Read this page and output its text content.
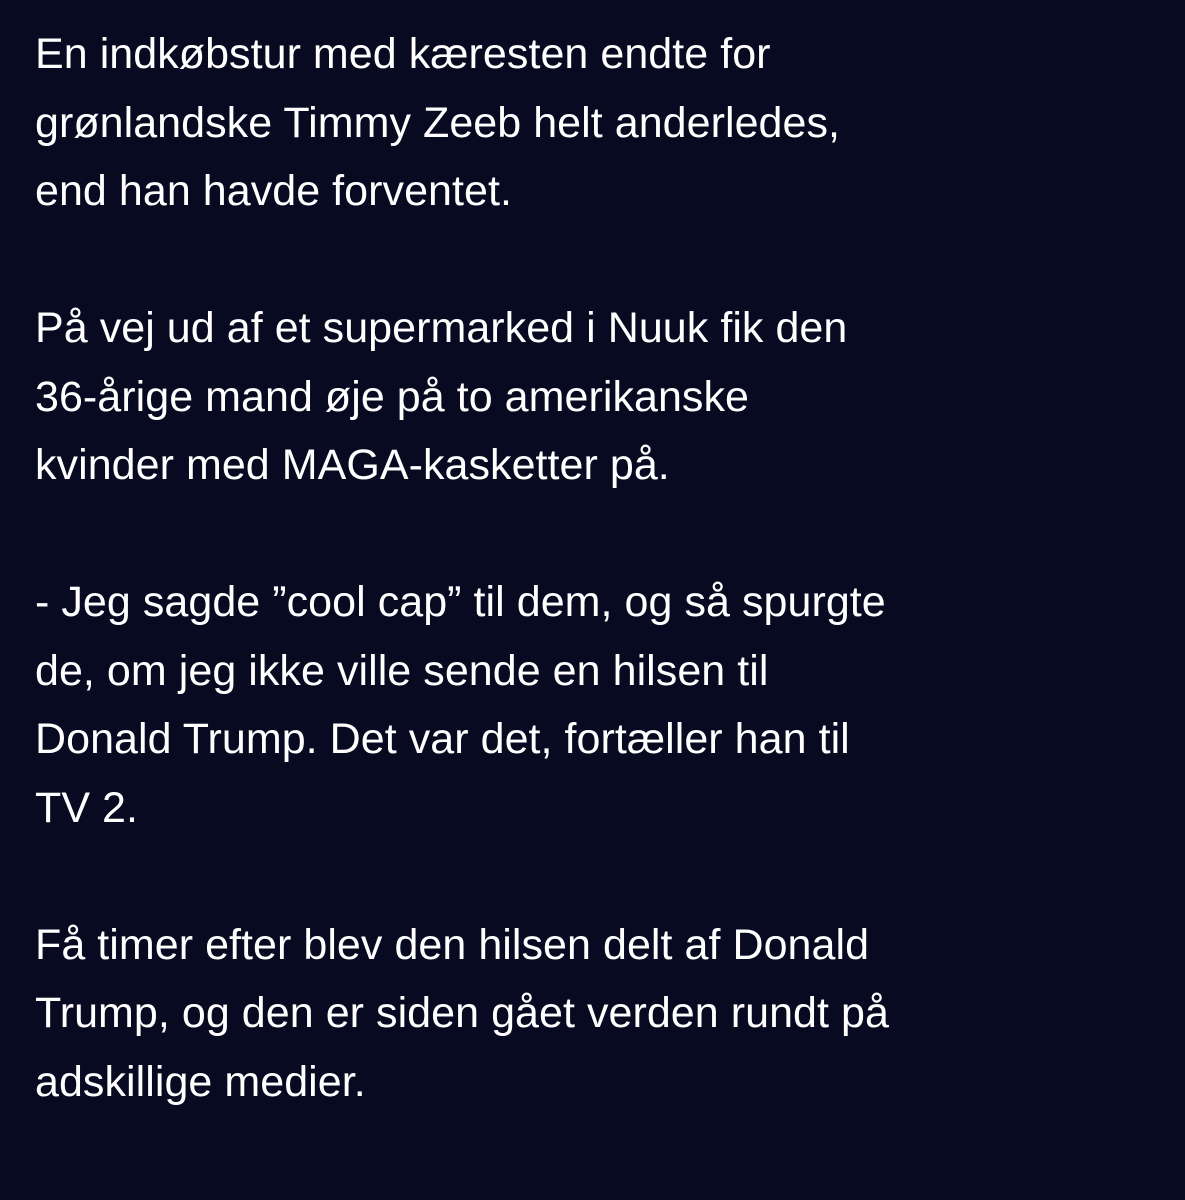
En indkøbstur med kæresten endte for
grønlandske Timmy Zeeb helt anderledes,
end han havde forventet.

På vej ud af et supermarked i Nuuk fik den
36-årige mand øje på to amerikanske
kvinder med MAGA-kasketter på.

- Jeg sagde ”cool cap” til dem, og så spurgte
de, om jeg ikke ville sende en hilsen til
Donald Trump. Det var det, fortæller han til
TV 2.

Få timer efter blev den hilsen delt af Donald
Trump, og den er siden gået verden rundt på
adskillige medier.
